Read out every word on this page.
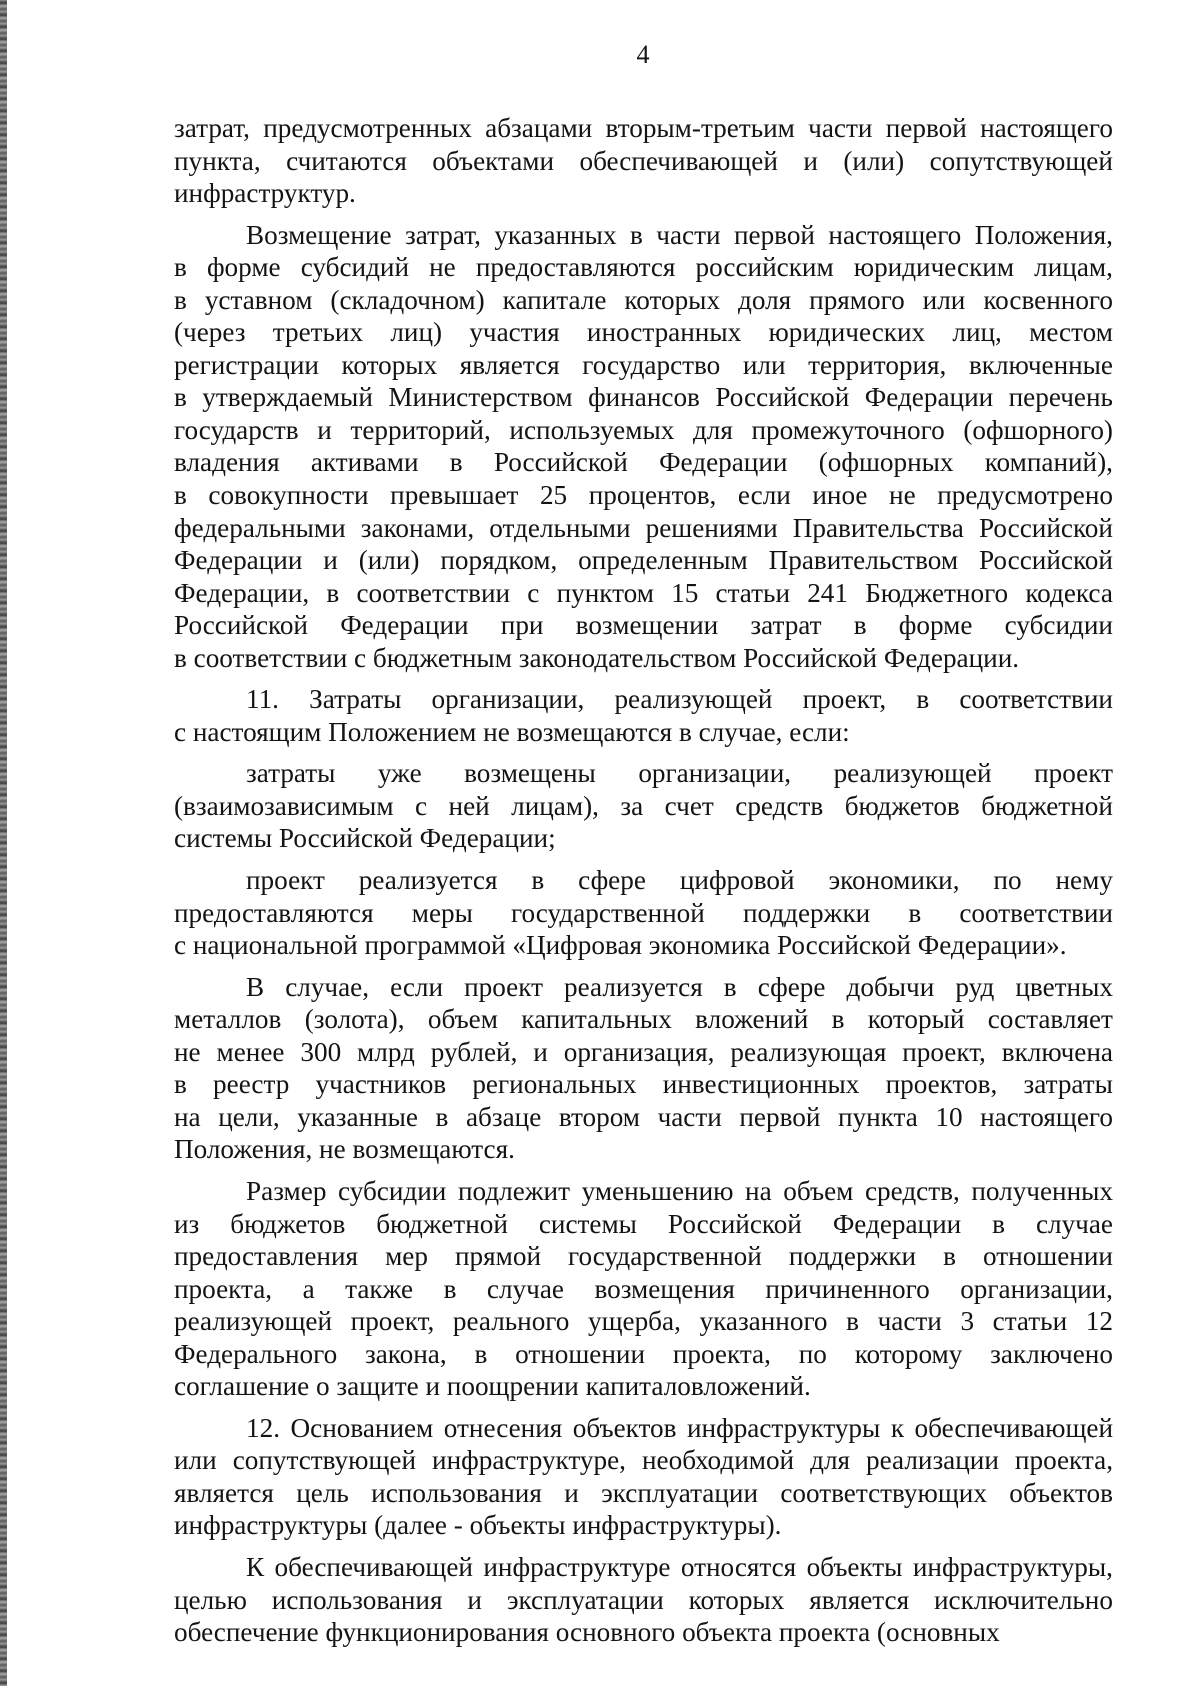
4
затрат, предусмотренных абзацами вторым-третьим части первой настоящего
пункта, считаются объектами обеспечивающей и (или) сопутствующей
инфраструктур.
Возмещение затрат, указанных в части первой настоящего Положения,
в форме субсидий не предоставляются российским юридическим лицам,
в уставном (складочном) капитале которых доля прямого или косвенного
(через третьих лиц) участия иностранных юридических лиц, местом
регистрации которых является государство или территория, включенные
в утверждаемый Министерством финансов Российской Федерации перечень
государств и территорий, используемых для промежуточного (офшорного)
владения активами в Российской Федерации (офшорных компаний),
в совокупности превышает 25 процентов, если иное не предусмотрено
федеральными законами, отдельными решениями Правительства Российской
Федерации и (или) порядком, определенным Правительством Российской
Федерации, в соответствии с пунктом 15 статьи 241 Бюджетного кодекса
Российской Федерации при возмещении затрат в форме субсидии
в соответствии с бюджетным законодательством Российской Федерации.
11. Затраты организации, реализующей проект, в соответствии
с настоящим Положением не возмещаются в случае, если:
затраты уже возмещены организации, реализующей проект
(взаимозависимым с ней лицам), за счет средств бюджетов бюджетной
системы Российской Федерации;
проект реализуется в сфере цифровой экономики, по нему
предоставляются меры государственной поддержки в соответствии
с национальной программой «Цифровая экономика Российской Федерации».
В случае, если проект реализуется в сфере добычи руд цветных
металлов (золота), объем капитальных вложений в который составляет
не менее 300 млрд рублей, и организация, реализующая проект, включена
в реестр участников региональных инвестиционных проектов, затраты
на цели, указанные в абзаце втором части первой пункта 10 настоящего
Положения, не возмещаются.
Размер субсидии подлежит уменьшению на объем средств, полученных
из бюджетов бюджетной системы Российской Федерации в случае
предоставления мер прямой государственной поддержки в отношении
проекта, а также в случае возмещения причиненного организации,
реализующей проект, реального ущерба, указанного в части 3 статьи 12
Федерального закона, в отношении проекта, по которому заключено
соглашение о защите и поощрении капиталовложений.
12. Основанием отнесения объектов инфраструктуры к обеспечивающей
или сопутствующей инфраструктуре, необходимой для реализации проекта,
является цель использования и эксплуатации соответствующих объектов
инфраструктуры (далее - объекты инфраструктуры).
К обеспечивающей инфраструктуре относятся объекты инфраструктуры,
целью использования и эксплуатации которых является исключительно
обеспечение функционирования основного объекта проекта (основных
